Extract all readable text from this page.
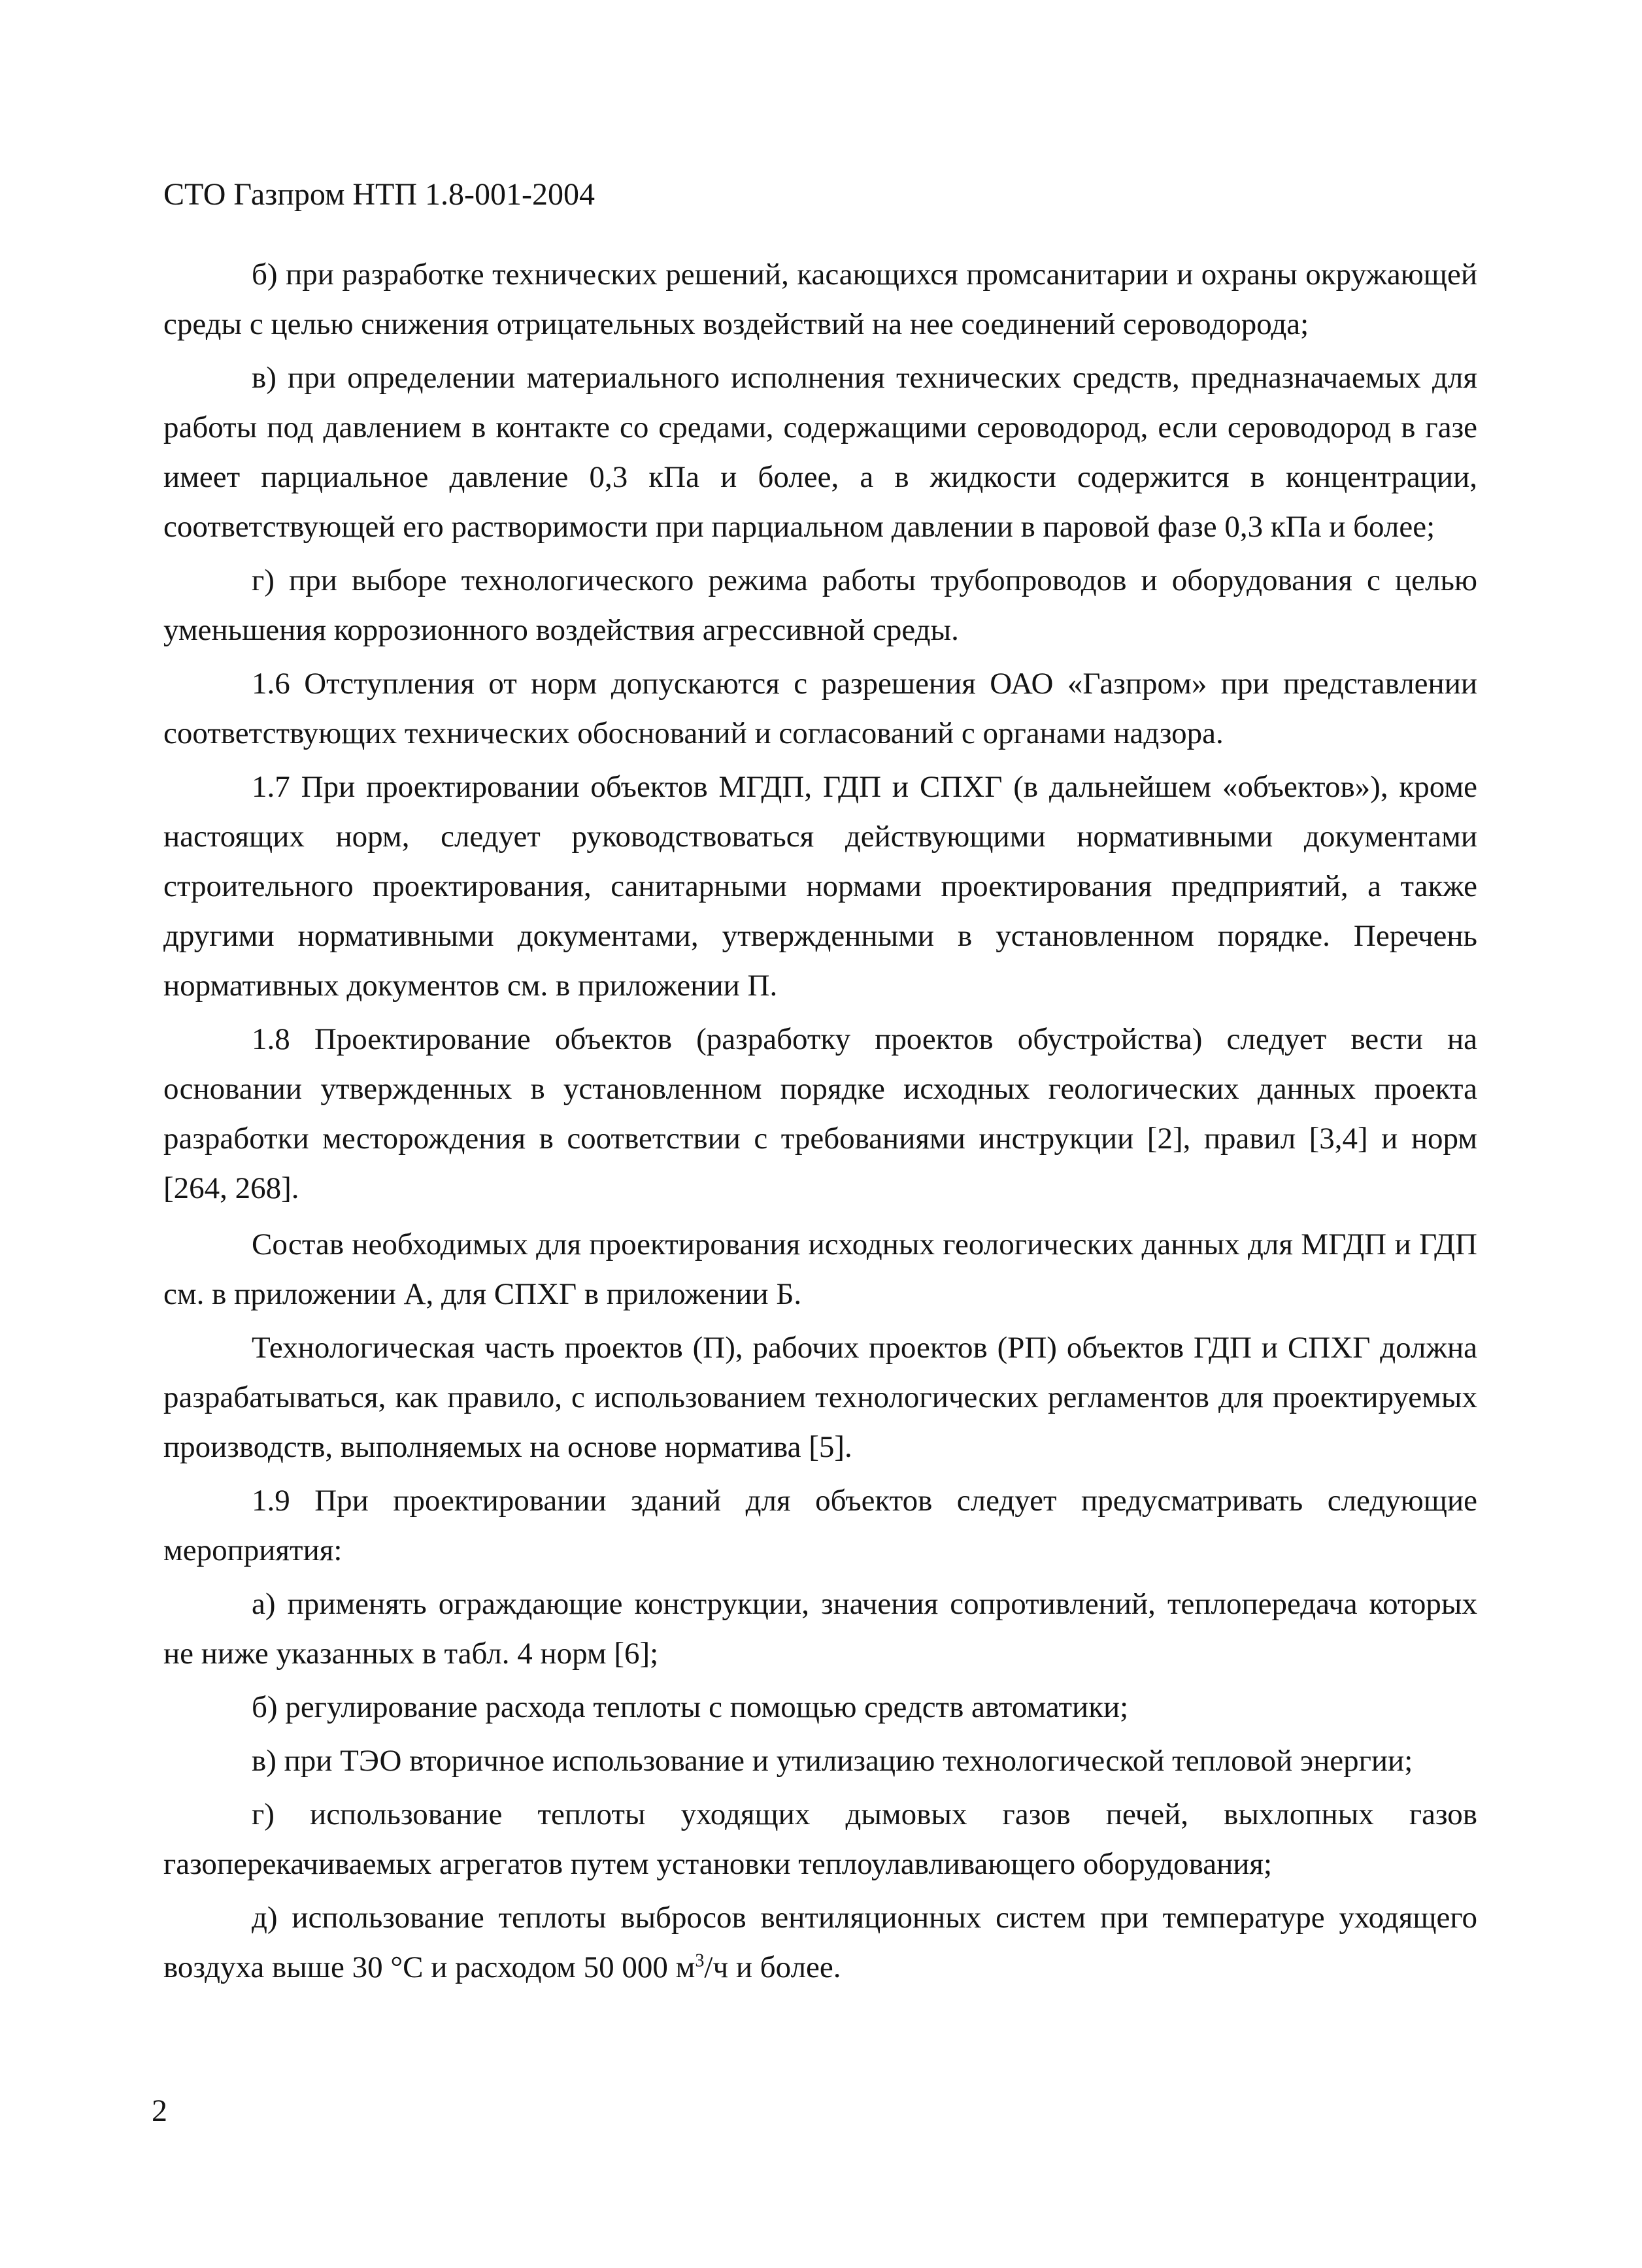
СТО Газпром НТП 1.8-001-2004

б) при разработке технических решений, касающихся промсанитарии и охраны окружающей среды с целью снижения отрицательных воздействий на нее соединений сероводорода;

в) при определении материального исполнения технических средств, предназначаемых для работы под давлением в контакте со средами, содержащими сероводород, если сероводород в газе имеет парциальное давление 0,3 кПа и более, а в жидкости содержится в концентрации, соответствующей его растворимости при парциальном давлении в паровой фазе 0,3 кПа и более;

г) при выборе технологического режима работы трубопроводов и оборудования с целью уменьшения коррозионного воздействия агрессивной среды.

1.6 Отступления от норм допускаются с разрешения ОАО «Газпром» при представлении соответствующих технических обоснований и согласований с органами надзора.

1.7 При проектировании объектов МГДП, ГДП и СПХГ (в дальнейшем «объектов»), кроме настоящих норм, следует руководствоваться действующими нормативными документами строительного проектирования, санитарными нормами проектирования предприятий, а также другими нормативными документами, утвержденными в установленном порядке. Перечень нормативных документов см. в приложении П.

1.8 Проектирование объектов (разработку проектов обустройства) следует вести на основании утвержденных в установленном порядке исходных геологических данных проекта разработки месторождения в соответствии с требованиями инструкции [2], правил [3,4] и норм [264, 268].

Состав необходимых для проектирования исходных геологических данных для МГДП и ГДП см. в приложении А, для СПХГ в приложении Б.

Технологическая часть проектов (П), рабочих проектов (РП) объектов ГДП и СПХГ должна разрабатываться, как правило, с использованием технологических регламентов для проектируемых производств, выполняемых на основе норматива [5].

1.9 При проектировании зданий для объектов следует предусматривать следующие мероприятия:

а) применять ограждающие конструкции, значения сопротивлений, теплопередача которых не ниже указанных в табл. 4 норм [6];

б) регулирование расхода теплоты с помощью средств автоматики;

в) при ТЭО вторичное использование и утилизацию технологической тепловой энергии;

г) использование теплоты уходящих дымовых газов печей, выхлопных газов газоперекачиваемых агрегатов путем установки теплоулавливающего оборудования;

д) использование теплоты выбросов вентиляционных систем при температуре уходящего воздуха выше 30 °С и расходом 50 000 $м^3/ч$ и более.

2
